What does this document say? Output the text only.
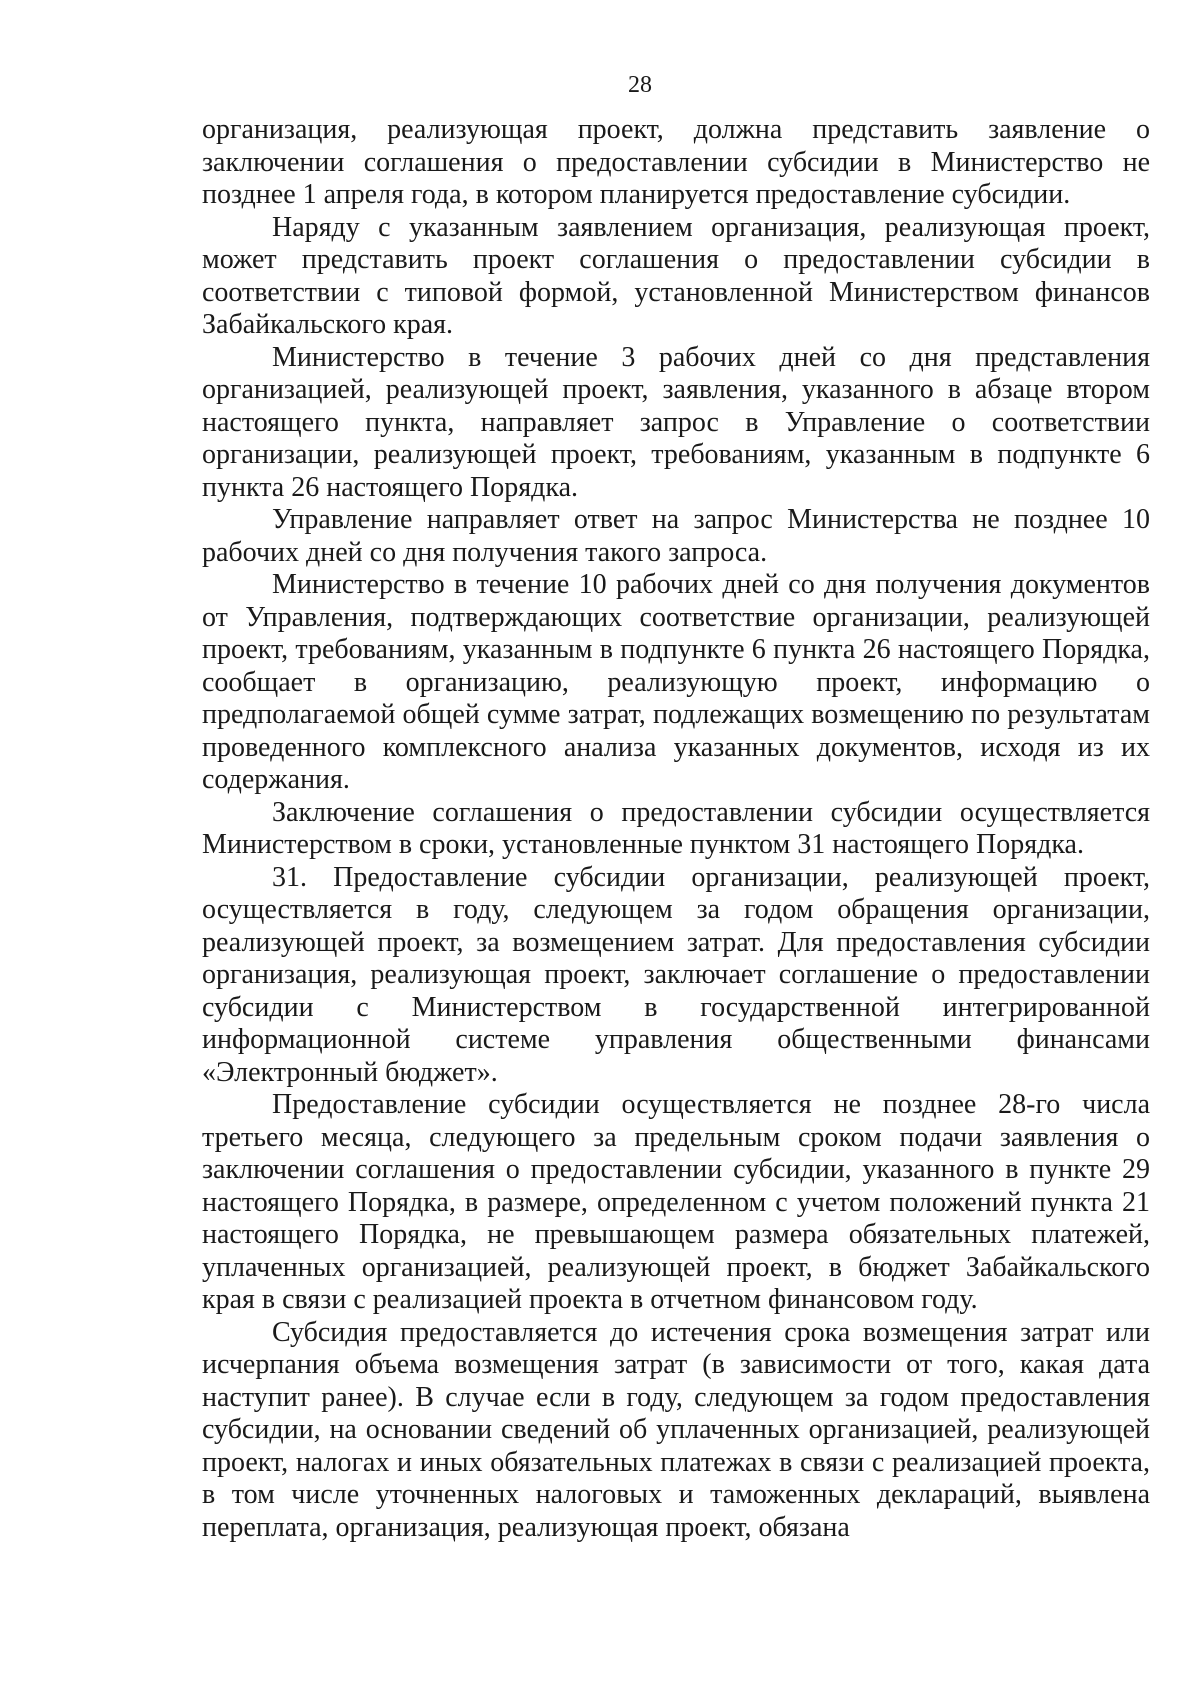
28

организация, реализующая проект, должна представить заявление о заключении соглашения о предоставлении субсидии в Министерство не позднее 1 апреля года, в котором планируется предоставление субсидии.

Наряду с указанным заявлением организация, реализующая проект, может представить проект соглашения о предоставлении субсидии в соответствии с типовой формой, установленной Министерством финансов Забайкальского края.

Министерство в течение 3 рабочих дней со дня представления организацией, реализующей проект, заявления, указанного в абзаце втором настоящего пункта, направляет запрос в Управление о соответствии организации, реализующей проект, требованиям, указанным в подпункте 6 пункта 26 настоящего Порядка.

Управление направляет ответ на запрос Министерства не позднее 10 рабочих дней со дня получения такого запроса.

Министерство в течение 10 рабочих дней со дня получения документов от Управления, подтверждающих соответствие организации, реализующей проект, требованиям, указанным в подпункте 6 пункта 26 настоящего Порядка, сообщает в организацию, реализующую проект, информацию о предполагаемой общей сумме затрат, подлежащих возмещению по результатам проведенного комплексного анализа указанных документов, исходя из их содержания.

Заключение соглашения о предоставлении субсидии осуществляется Министерством в сроки, установленные пунктом 31 настоящего Порядка.

31. Предоставление субсидии организации, реализующей проект, осуществляется в году, следующем за годом обращения организации, реализующей проект, за возмещением затрат. Для предоставления субсидии организация, реализующая проект, заключает соглашение о предоставлении субсидии с Министерством в государственной интегрированной информационной системе управления общественными финансами «Электронный бюджет».

Предоставление субсидии осуществляется не позднее 28-го числа третьего месяца, следующего за предельным сроком подачи заявления о заключении соглашения о предоставлении субсидии, указанного в пункте 29 настоящего Порядка, в размере, определенном с учетом положений пункта 21 настоящего Порядка, не превышающем размера обязательных платежей, уплаченных организацией, реализующей проект, в бюджет Забайкальского края в связи с реализацией проекта в отчетном финансовом году.

Субсидия предоставляется до истечения срока возмещения затрат или исчерпания объема возмещения затрат (в зависимости от того, какая дата наступит ранее). В случае если в году, следующем за годом предоставления субсидии, на основании сведений об уплаченных организацией, реализующей проект, налогах и иных обязательных платежах в связи с реализацией проекта, в том числе уточненных налоговых и таможенных деклараций, выявлена переплата, организация, реализующая проект, обязана
